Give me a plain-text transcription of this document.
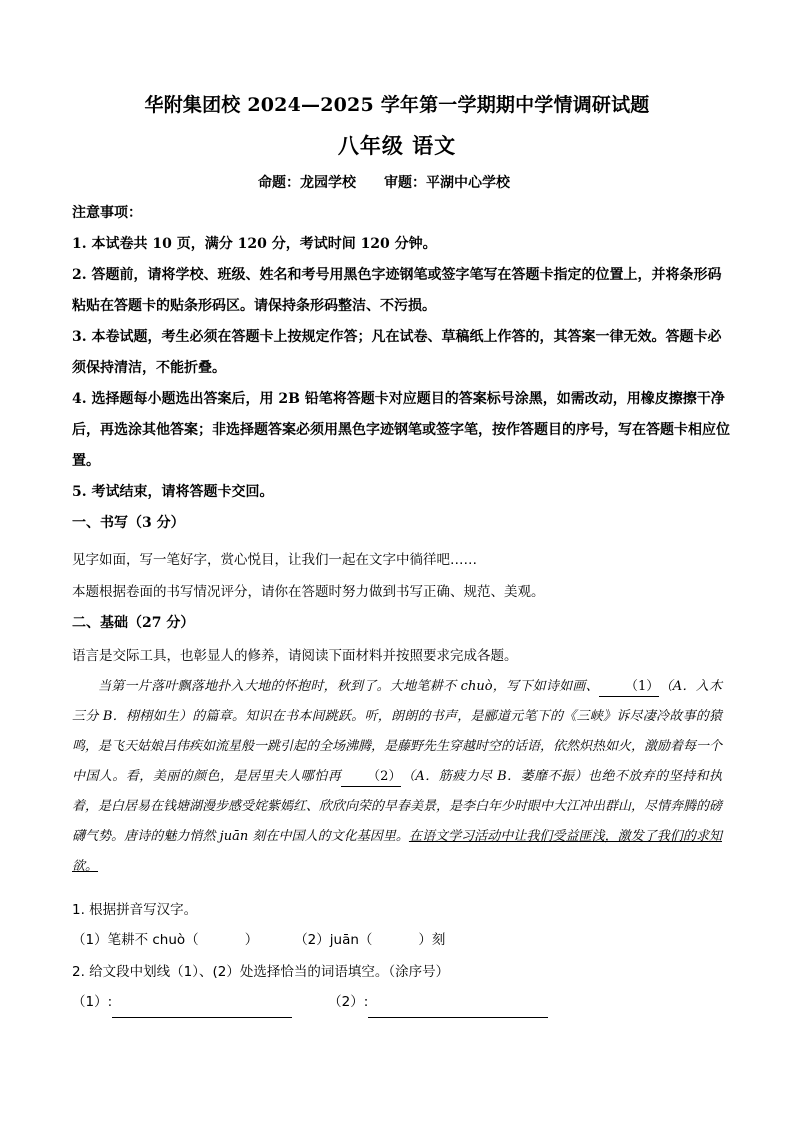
华附集团校 2024—2025 学年第一学期期中学情调研试题
八年级 语文
命题：龙园学校 审题：平湖中心学校
注意事项：
1. 本试卷共 10 页，满分 120 分，考试时间 120 分钟。
2. 答题前，请将学校、班级、姓名和考号用黑色字迹钢笔或签字笔写在答题卡指定的位置上，并将条形码粘贴在答题卡的贴条形码区。请保持条形码整洁、不污损。
3. 本卷试题，考生必须在答题卡上按规定作答；凡在试卷、草稿纸上作答的，其答案一律无效。答题卡必须保持清洁，不能折叠。
4. 选择题每小题选出答案后，用 2B 铅笔将答题卡对应题目的答案标号涂黑，如需改动，用橡皮擦擦干净后，再选涂其他答案；非选择题答案必须用黑色字迹钢笔或签字笔，按作答题目的序号，写在答题卡相应位置。
5. 考试结束，请将答题卡交回。
一、书写（3 分）
见字如面，写一笔好字，赏心悦目，让我们一起在文字中徜徉吧……
本题根据卷面的书写情况评分，请你在答题时努力做到书写正确、规范、美观。
二、基础（27 分）
语言是交际工具，也彰显人的修养，请阅读下面材料并按照要求完成各题。
当第一片落叶飘落地扑入大地的怀抱时，秋到了。大地笔耕不 chuò，写下如诗如画、 （1）（A．入木三分 B．栩栩如生）的篇章。知识在书本间跳跃。听，朗朗的书声，是郦道元笔下的《三峡》诉尽凄冷故事的猿鸣，是飞天姑娘吕伟疾如流星般一跳引起的全场沸腾，是藤野先生穿越时空的话语，依然炽热如火，激励着每一个中国人。看，美丽的颜色，是居里夫人哪怕再 （2）（A．筋疲力尽 B．萎靡不振）也绝不放弃的坚持和执着，是白居易在钱塘湖漫步感受姹紫嫣红、欣欣向荣的早春美景，是李白年少时眼中大江冲出群山，尽情奔腾的磅礴气势。唐诗的魅力悄然 juān 刻在中国人的文化基因里。在语文学习活动中让我们受益匪浅，激发了我们的求知欲。
1. 根据拼音写汉字。
（1）笔耕不 chuò（	）	（2）juān（	）刻
2. 给文段中划线（1）、(2）处选择恰当的词语填空。（涂序号）
（1）:	（2）:
